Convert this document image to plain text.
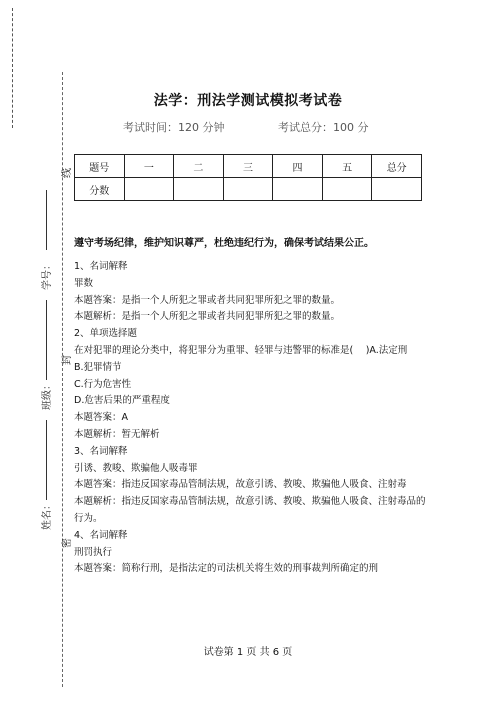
线
学号：
封
班级：
姓名：
密
法学：刑法学测试模拟考试卷
考试时间：120 分钟	考试总分：100 分
题号	一	二	三	四	五	总分
分数						
遵守考场纪律，维护知识尊严，杜绝违纪行为，确保考试结果公正。
1、名词解释
罪数
本题答案：是指一个人所犯之罪或者共同犯罪所犯之罪的数量。
本题解析：是指一个人所犯之罪或者共同犯罪所犯之罪的数量。
2、单项选择题
在对犯罪的理论分类中，将犯罪分为重罪、轻罪与违警罪的标准是(　 )A.法定刑
B.犯罪情节
C.行为危害性
D.危害后果的严重程度
本题答案：A
本题解析：暂无解析
3、名词解释
引诱、教唆、欺骗他人吸毒罪
本题答案：指违反国家毒品管制法规，故意引诱、教唆、欺骗他人吸食、注射毒
本题解析：指违反国家毒品管制法规，故意引诱、教唆、欺骗他人吸食、注射毒品的行为。
4、名词解释
刑罚执行
本题答案：简称行刑，是指法定的司法机关将生效的刑事裁判所确定的刑
试卷第 1 页 共 6 页
